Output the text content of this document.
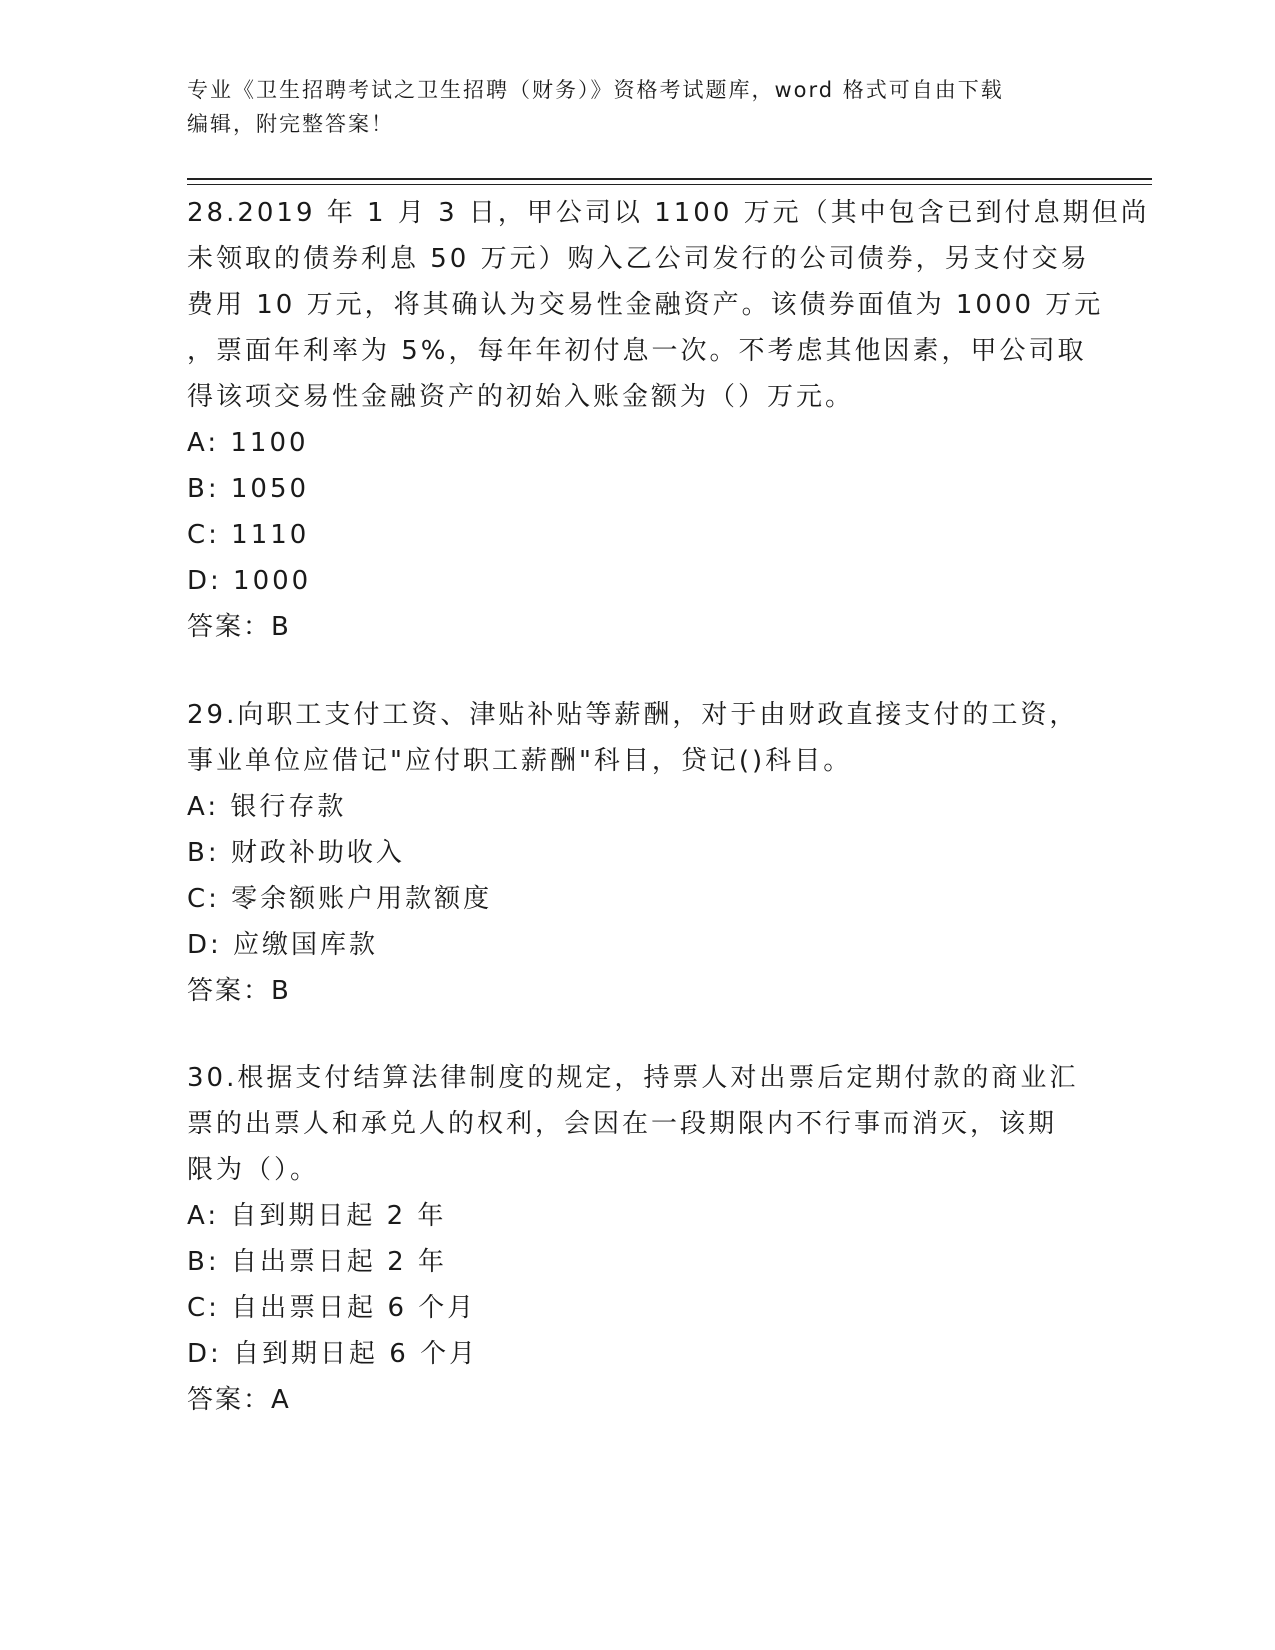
专业《卫生招聘考试之卫生招聘（财务）》资格考试题库，word 格式可自由下载
编辑，附完整答案！
28.2019 年 1 月 3 日，甲公司以 1100 万元（其中包含已到付息期但尚
未领取的债券利息 50 万元）购入乙公司发行的公司债券，另支付交易
费用 10 万元，将其确认为交易性金融资产。该债券面值为 1000 万元
，票面年利率为 5%，每年年初付息一次。不考虑其他因素，甲公司取
得该项交易性金融资产的初始入账金额为（）万元。
A: 1100
B: 1050
C: 1110
D: 1000
答案：B
29.向职工支付工资、津贴补贴等薪酬，对于由财政直接支付的工资，
事业单位应借记"应付职工薪酬"科目，贷记()科目。
A: 银行存款
B: 财政补助收入
C: 零余额账户用款额度
D: 应缴国库款
答案：B
30.根据支付结算法律制度的规定，持票人对出票后定期付款的商业汇
票的出票人和承兑人的权利，会因在一段期限内不行事而消灭，该期
限为（）。
A: 自到期日起 2 年
B: 自出票日起 2 年
C: 自出票日起 6 个月
D: 自到期日起 6 个月
答案：A
